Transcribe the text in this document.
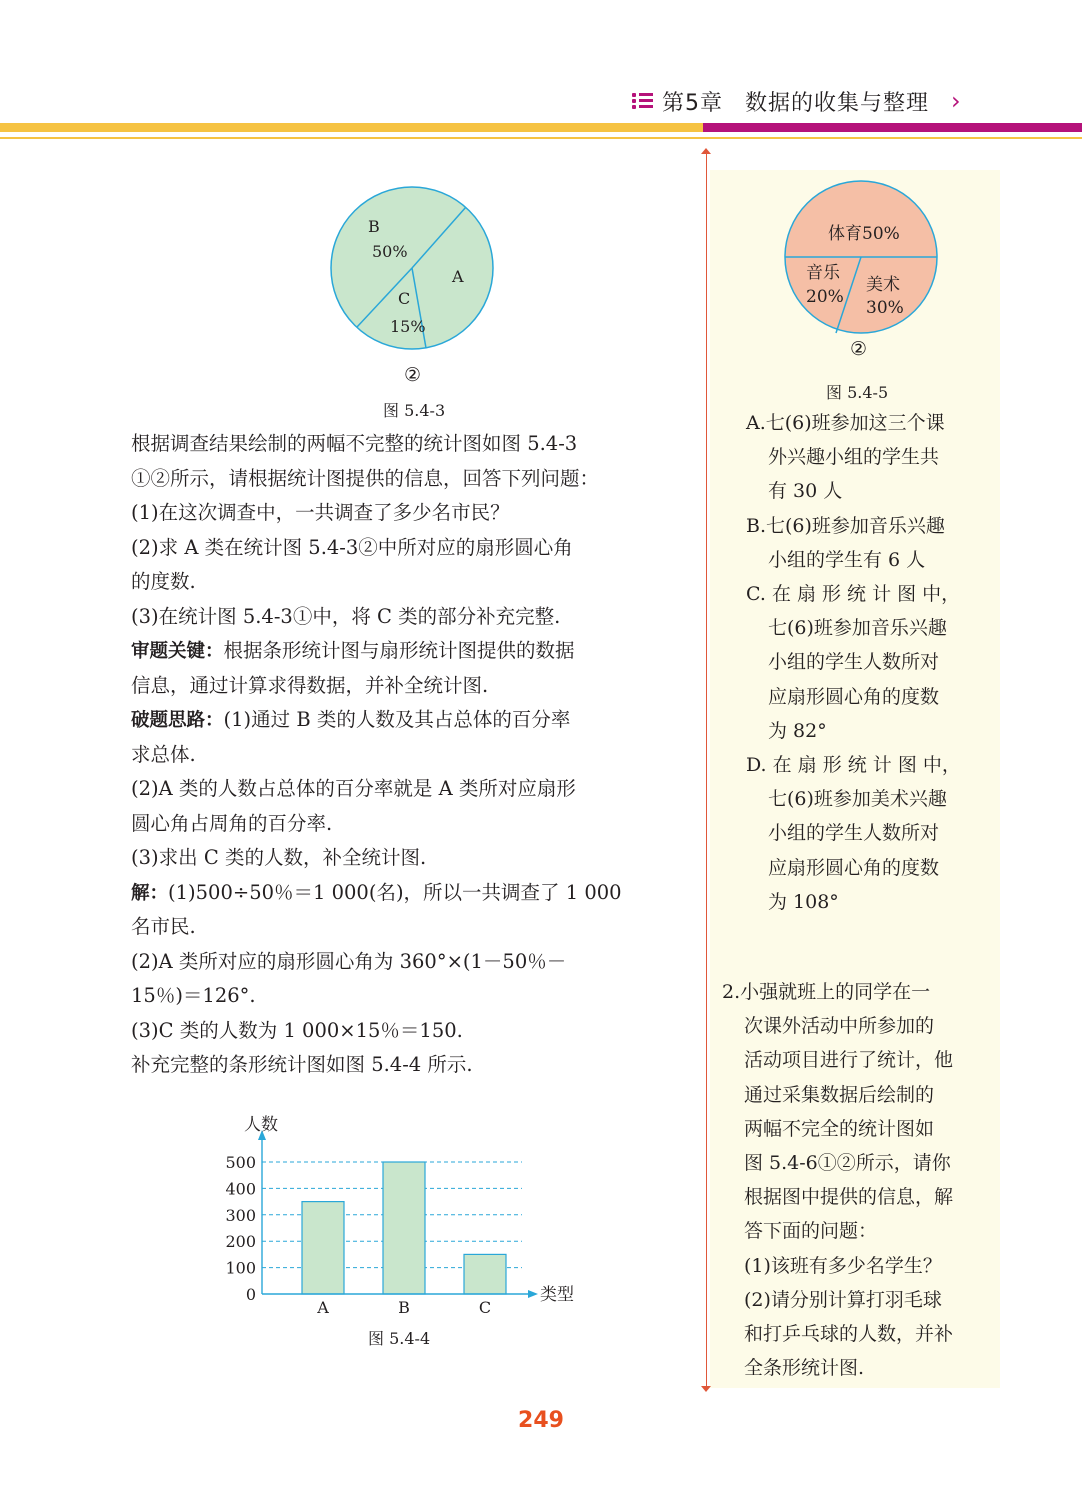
第5章 数据的收集与整理 ›
B
50%
A
C
15%
②
图 5.4-3
根据调查结果绘制的两幅不完整的统计图如图 5.4-3
①②所示，请根据统计图提供的信息，回答下列问题：
(1)在这次调查中，一共调查了多少名市民？
(2)求 A 类在统计图 5.4-3②中所对应的扇形圆心角
的度数.
(3)在统计图 5.4-3①中，将 C 类的部分补充完整.
审题关键：根据条形统计图与扇形统计图提供的数据
信息，通过计算求得数据，并补全统计图.
破题思路：(1)通过 B 类的人数及其占总体的百分率
求总体.
(2)A 类的人数占总体的百分率就是 A 类所对应扇形
圆心角占周角的百分率.
(3)求出 C 类的人数，补全统计图.
解：(1)500÷50％＝1 000(名)，所以一共调查了 1 000
名市民.
(2)A 类所对应的扇形圆心角为 360°×(1－50％－
15％)＝126°.
(3)C 类的人数为 1 000×15％＝150.
补充完整的条形统计图如图 5.4-4 所示.
0
100
200
300
400
500
A	B	C
人数
类型
图 5.4-4
体育50%
音乐
20%
美术
30%
②
图 5.4-5
A.七(6)班参加这三个课
外兴趣小组的学生共
有 30 人
B.七(6)班参加音乐兴趣
小组的学生有 6 人
C. 在 扇 形 统 计 图 中，
七(6)班参加音乐兴趣
小组的学生人数所对
应扇形圆心角的度数
为 82°
D. 在 扇 形 统 计 图 中，
七(6)班参加美术兴趣
小组的学生人数所对
应扇形圆心角的度数
为 108°
2.小强就班上的同学在一
次课外活动中所参加的
活动项目进行了统计，他
通过采集数据后绘制的
两幅不完全的统计图如
图 5.4-6①②所示，请你
根据图中提供的信息，解
答下面的问题：
(1)该班有多少名学生？
(2)请分别计算打羽毛球
和打乒乓球的人数，并补
全条形统计图.
249
